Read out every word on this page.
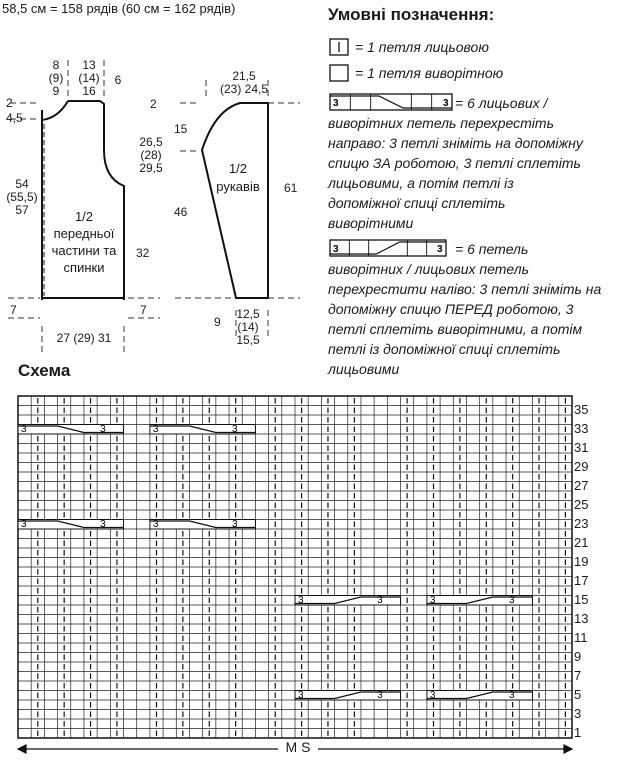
58,5 см = 158 рядів (60 см = 162 рядів)
8
(9)
9
13
(14)
16
6
2
4,5
54
(55,5)
57
7
32
7
27 (29) 31
1/2
передньої
частини та
спинки
21,5
(23) 24,5
2
15
26,5
(28)
29,5
46
61
9
12,5
(14)
15,5
1/2
рукавів
Умовні позначення:
= 1 петля лицьовою
= 1 петля виворітною
= 6 лицьових /
виворітних петель перехрестіть
направо: 3 петлі зніміть на допоміжну
спицю ЗА роботою, 3 петлі сплетіть
лицьовими, а потім петлі із
допоміжної спиці сплетіть
виворітними
= 6 петель
виворітних / лицьових петель
перехрестити наліво: 3 петлі зніміть на
допоміжну спицю ПЕРЕД роботою, 3
петлі сплетіть виворітними, а потім
петлі із допоміжної спиці сплетіть
лицьовими
Схема
35
33
31
29
27
25
23
21
19
17
15
13
11
9
7
5
3
1
M S
3	3
3	3
3	3
3	3
3	3
3	3
3	3
3	3
3	3
3	3
